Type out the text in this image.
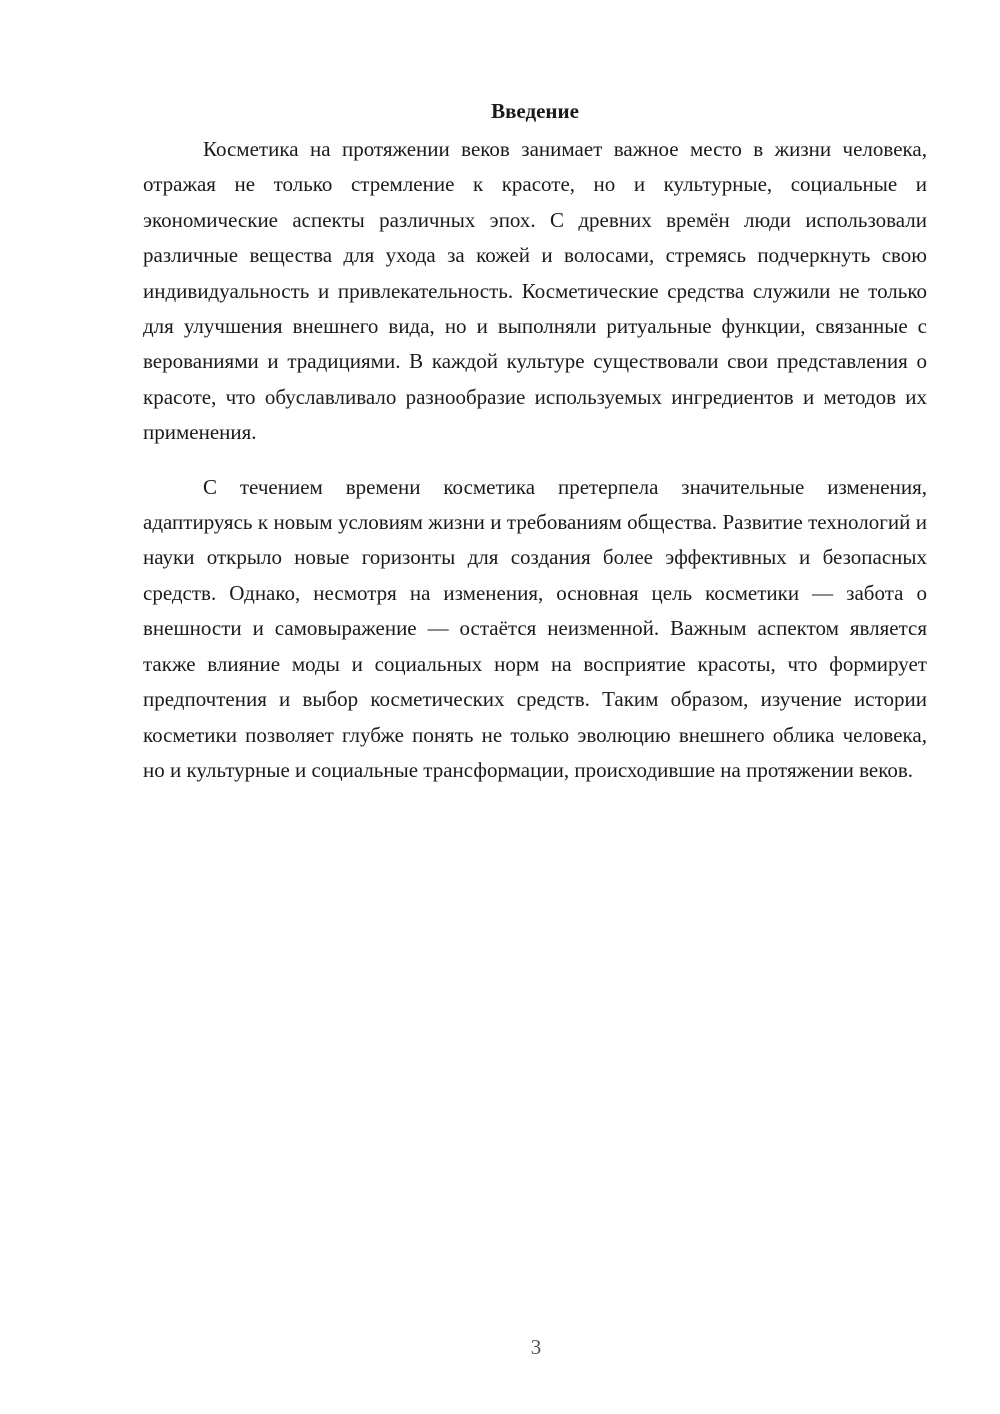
Введение

Косметика на протяжении веков занимает важное место в жизни человека, отражая не только стремление к красоте, но и культурные, социальные и экономические аспекты различных эпох. С древних времён люди использовали различные вещества для ухода за кожей и волосами, стремясь подчеркнуть свою индивидуальность и привлекательность. Косметические средства служили не только для улучшения внешнего вида, но и выполняли ритуальные функции, связанные с верованиями и традициями. В каждой культуре существовали свои представления о красоте, что обуславливало разнообразие используемых ингредиентов и методов их применения.

С течением времени косметика претерпела значительные изменения, адаптируясь к новым условиям жизни и требованиям общества. Развитие технологий и науки открыло новые горизонты для создания более эффективных и безопасных средств. Однако, несмотря на изменения, основная цель косметики — забота о внешности и самовыражение — остаётся неизменной. Важным аспектом является также влияние моды и социальных норм на восприятие красоты, что формирует предпочтения и выбор косметических средств. Таким образом, изучение истории косметики позволяет глубже понять не только эволюцию внешнего облика человека, но и культурные и социальные трансформации, происходившие на протяжении веков.

3
